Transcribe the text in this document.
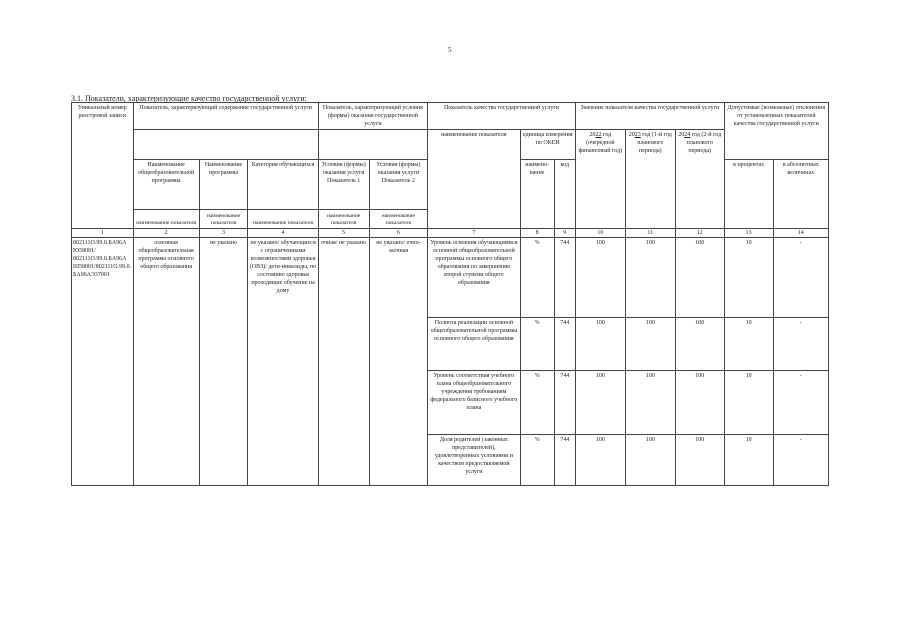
5
3.1. Показатели, характеризующие качество государственной услуги:
Уникальный номер реестровой записи	Показатель, характеризующий содержание государственной услуги			Показатель, характеризующий условия (формы) оказания государственной услуги		Показатель качества государственной услуги			Значение показателя качества государственной услуги			Допустимые (возможные) отклонения от установленных показателей качества государственной услуги	
						наименование показателя	единица измерения по ОКЕИ		2022 год (очередной финансовый год)	2023 год (1-й год планового периода)	2024 год (2-й год планового периода)		
	Наименование общеобразовательной программы	Наименование программы	Категория обучающихся	Условия (формы) оказания услуги Показатель 1	Условия (формы) оказания услуги Показатель 2		наимено-вание	код				в процентах	в абсолютных величинах
	наименование показателя	наименование показателя	наименование показателя	наименование показателя	наименование показателя								
1	2	3	4	5	6	7	8	9	10	11	12	13	14
802111О.99.0.БА96АЮ58001/ 802111О.99.0.БА96АШ58001/802111О.99.0.БА96АЭ37001	основная общеобразовательная программа основного общего образования	не указано	не указано/ обучающиеся с ограниченными возможностями здоровья (ОВЗ)/ дети-инвалиды, по состоянию здоровья проходящие обучение на дому	очная/ не указано	не указано/ очно-заочная	Уровень освоения обучающимися основной общеобразовательной программы основного общего образования по завершению второй ступени общего образования	%	744	100	100	100	10	-
						Полнота реализации основной общеобразовательной программы основного общего образования	%	744	100	100	100	10	-
						Уровень соответствия учебного плана общеобразовательного учреждения требованиям федерального базисного учебного плана	%	744	100	100	100	10	-
						Доля родителей (законных представителей), удовлетворенных условиями и качеством предоставляемой услуги	%	744	100	100	100	10	-
